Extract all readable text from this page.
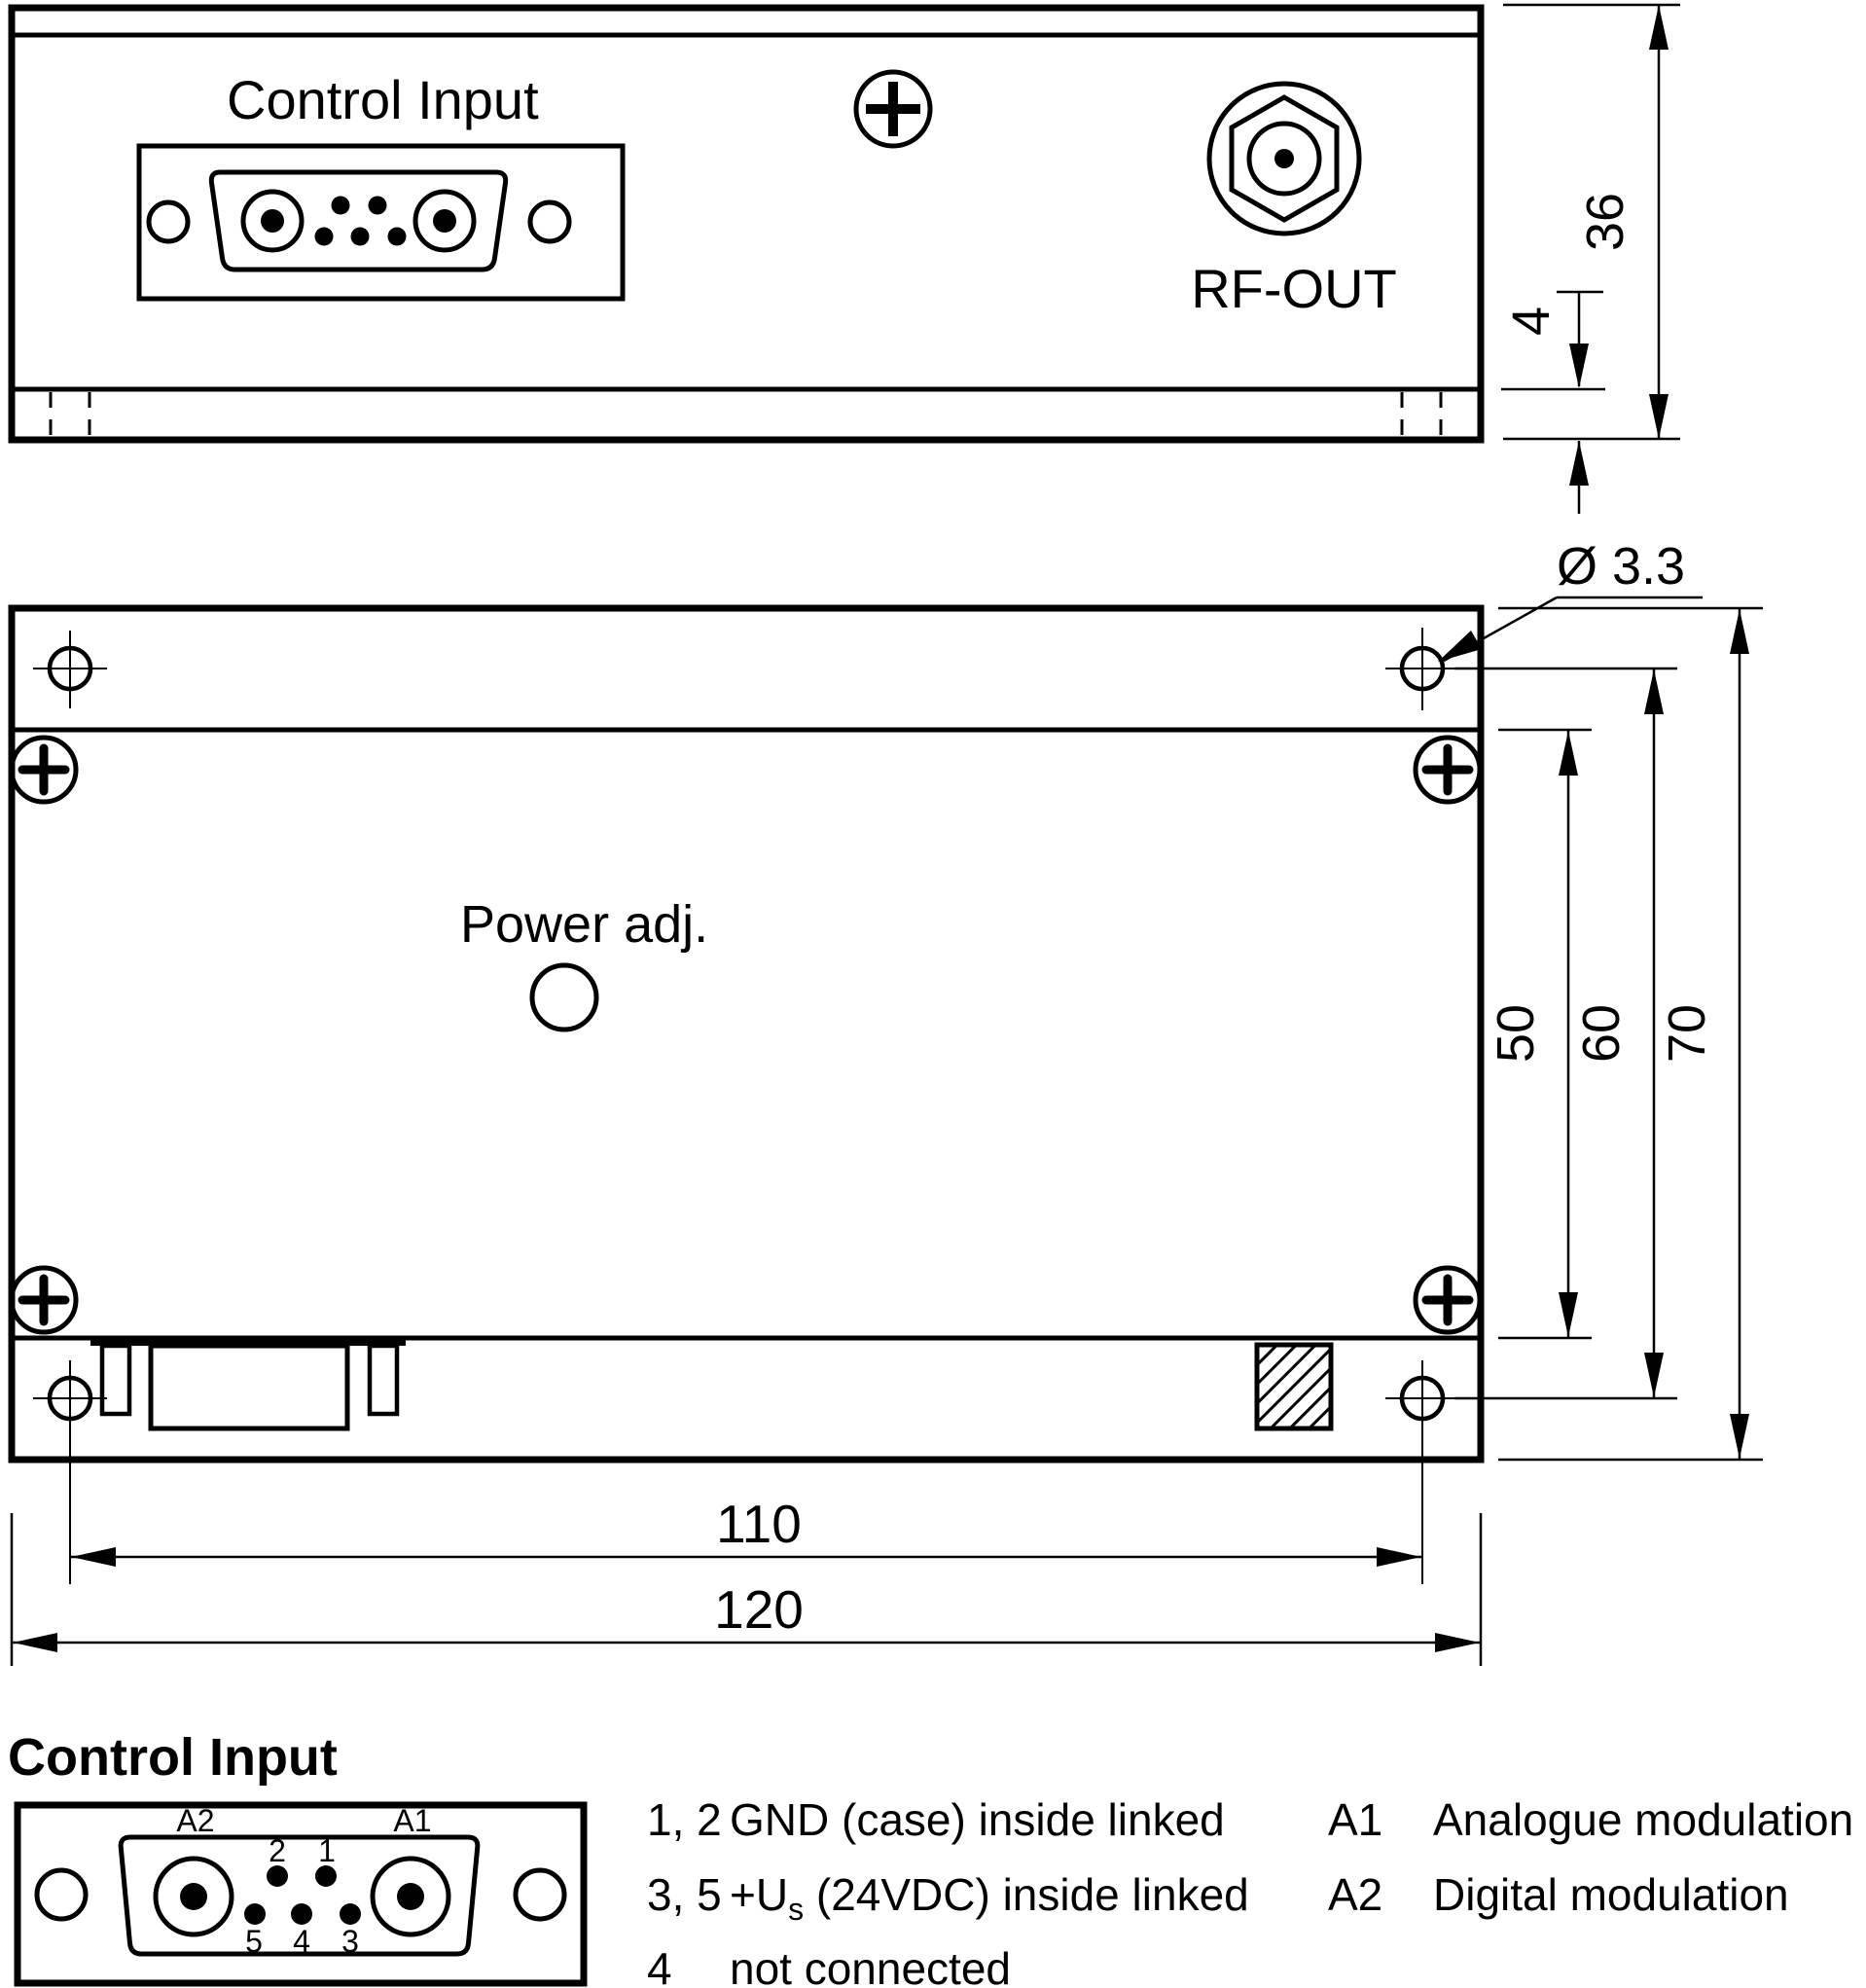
Control Input
RF-OUT
36
4
Power adj.
Ø 3.3
50 60 70
110
120
Control Input
A2	A1
2 1
5 4 3
1, 2 GND (case) inside linked A1 Analogue modulation
3, $5 +U_s$ (24VDC) inside linked A2 Digital modulation
4 not connected
